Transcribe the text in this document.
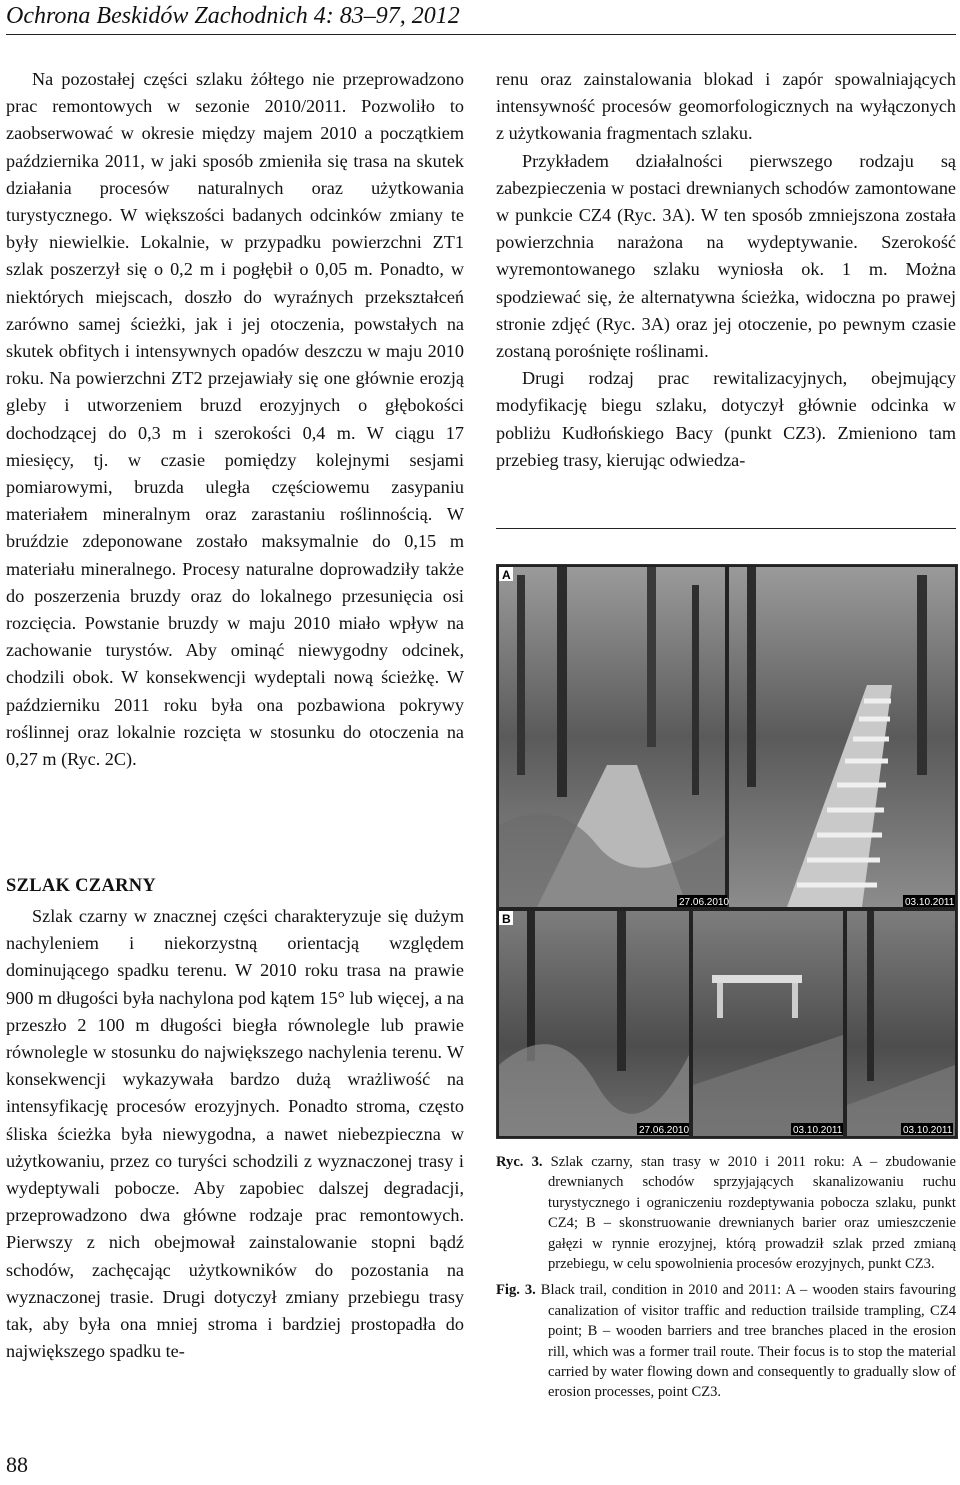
Ochrona Beskidów Zachodnich 4: 83–97, 2012

Na pozostałej części szlaku żółtego nie przeprowadzono prac remontowych w sezonie 2010/2011. Pozwoliło to zaobserwować w okresie między majem 2010 a początkiem października 2011, w jaki sposób zmieniła się trasa na skutek działania procesów naturalnych oraz użytkowania turystycznego. W większości badanych odcinków zmiany te były niewielkie. Lokalnie, w przypadku powierzchni ZT1 szlak poszerzył się o 0,2 m i pogłębił o 0,05 m. Ponadto, w niektórych miejscach, doszło do wyraźnych przekształceń zarówno samej ścieżki, jak i jej otoczenia, powstałych na skutek obfitych i intensywnych opadów deszczu w maju 2010 roku. Na powierzchni ZT2 przejawiały się one głównie erozją gleby i utworzeniem bruzd erozyjnych o głębokości dochodzącej do 0,3 m i szerokości 0,4 m. W ciągu 17 miesięcy, tj. w czasie pomiędzy kolejnymi sesjami pomiarowymi, bruzda uległa częściowemu zasypaniu materiałem mineralnym oraz zarastaniu roślinnością. W bruździe zdeponowane zostało maksymalnie do 0,15 m materiału mineralnego. Procesy naturalne doprowadziły także do poszerzenia bruzdy oraz do lokalnego przesunięcia osi rozcięcia. Powstanie bruzdy w maju 2010 miało wpływ na zachowanie turystów. Aby ominąć niewygodny odcinek, chodzili obok. W konsekwencji wydeptali nową ścieżkę. W październiku 2011 roku była ona pozbawiona pokrywy roślinnej oraz lokalnie rozcięta w stosunku do otoczenia na 0,27 m (Ryc. 2C).

SZLAK CZARNY

Szlak czarny w znacznej części charakteryzuje się dużym nachyleniem i niekorzystną orientacją względem dominującego spadku terenu. W 2010 roku trasa na prawie 900 m długości była nachylona pod kątem 15° lub więcej, a na przeszło 2 100 m długości biegła równolegle lub prawie równolegle w stosunku do największego nachylenia terenu. W konsekwencji wykazywała bardzo dużą wrażliwość na intensyfikację procesów erozyjnych. Ponadto stroma, często śliska ścieżka była niewygodna, a nawet niebezpieczna w użytkowaniu, przez co turyści schodzili z wyznaczonej trasy i wydeptywali pobocze. Aby zapobiec dalszej degradacji, przeprowadzono dwa główne rodzaje prac remontowych. Pierwszy z nich obejmował zainstalowanie stopni bądź schodów, zachęcając użytkowników do pozostania na wyznaczonej trasie. Drugi dotyczył zmiany przebiegu trasy tak, aby była ona mniej stroma i bardziej prostopadła do największego spadku te-

renu oraz zainstalowania blokad i zapór spowalniających intensywność procesów geomorfologicznych na wyłączonych z użytkowania fragmentach szlaku.

Przykładem działalności pierwszego rodzaju są zabezpieczenia w postaci drewnianych schodów zamontowane w punkcie CZ4 (Ryc. 3A). W ten sposób zmniejszona została powierzchnia narażona na wydeptywanie. Szerokość wyremontowanego szlaku wyniosła ok. 1 m. Można spodziewać się, że alternatywna ścieżka, widoczna po prawej stronie zdjęć (Ryc. 3A) oraz jej otoczenie, po pewnym czasie zostaną porośnięte roślinami.

Drugi rodzaj prac rewitalizacyjnych, obejmujący modyfikację biegu szlaku, dotyczył głównie odcinka w pobliżu Kudłońskiego Bacy (punkt CZ3). Zmieniono tam przebieg trasy, kierując odwiedza-

A
27.06.2010	03.10.2011
B
27.06.2010	03.10.2011	03.10.2011

Ryc. 3. Szlak czarny, stan trasy w 2010 i 2011 roku: A – zbudowanie drewnianych schodów sprzyjających skanalizowaniu ruchu turystycznego i ograniczeniu rozdeptywania pobocza szlaku, punkt CZ4; B – skonstruowanie drewnianych barier oraz umieszczenie gałęzi w rynnie erozyjnej, którą prowadził szlak przed zmianą przebiegu, w celu spowolnienia procesów erozyjnych, punkt CZ3.

Fig. 3. Black trail, condition in 2010 and 2011: A – wooden stairs favouring canalization of visitor traffic and reduction trailside trampling, CZ4 point; B – wooden barriers and tree branches placed in the erosion rill, which was a former trail route. Their focus is to stop the material carried by water flowing down and consequently to gradually slow of erosion processes, point CZ3.

88
